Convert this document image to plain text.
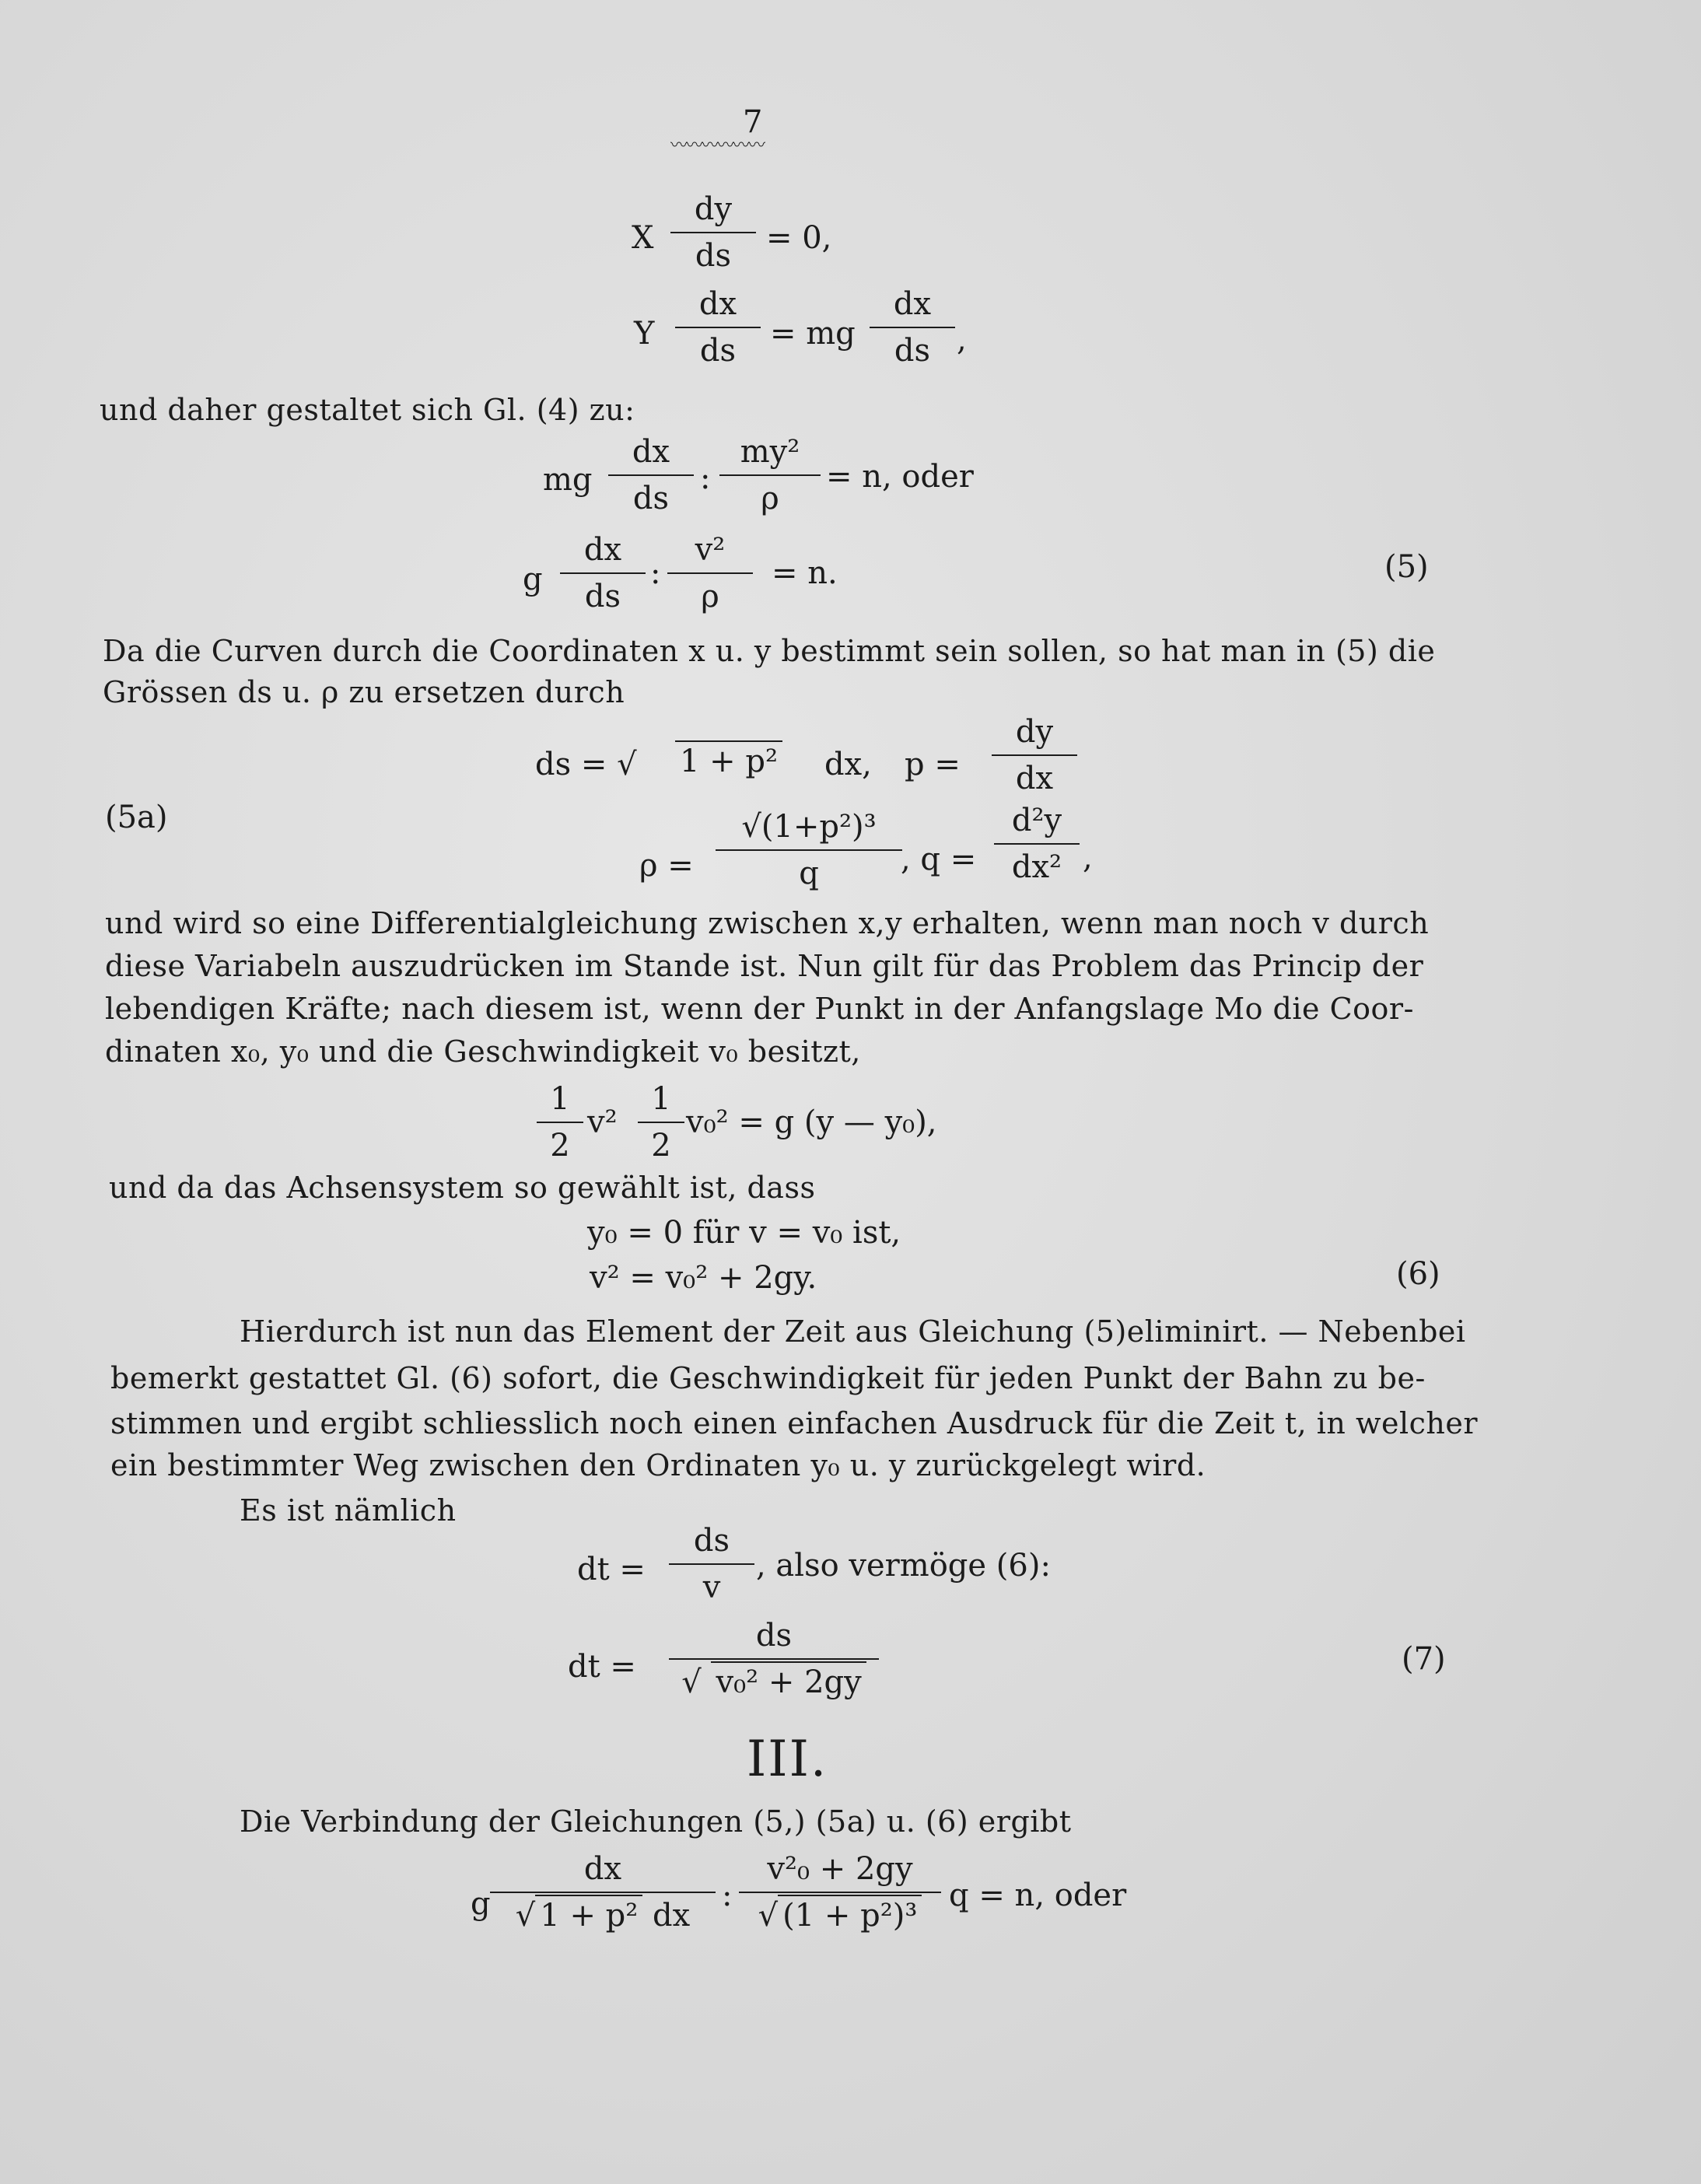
7
〰〰〰〰〰〰
X $\frac{dy}{ds} = 0$,
Y $\frac{dx}{ds}$ = mg $\frac{dx}{ds}$ ,
und daher gestaltet sich Gl. (4) zu:
mg $\frac{dx}{ds}$ : $\frac{\text{my²}}{\rho} = n$, oder
g $\frac{dx}{ds}$ : $\frac{\text{v²}}{\rho} = n$.	(5)
Da die Curven durch die Coordinaten x u. y bestimmt sein sollen, so hat man in (5) die
Grössen ds u. ρ zu ersetzen durch
ds = √ 1 + p² dx, $p = \frac{dy}{dx}$
(5a)
$\rho = \frac{\text{√(1+p²)³}}{q}$
, $q = \frac{\text{d²y}}{\text{dx²}}$ ,
und wird so eine Differentialgleichung zwischen x,y erhalten, wenn man noch v durch
diese Variabeln auszudrücken im Stande ist. Nun gilt für das Problem das Princip der
lebendigen Kräfte; nach diesem ist, wenn der Punkt in der Anfangslage Mo die Coor-
dinaten x₀, y₀ und die Geschwindigkeit v₀ besitzt,
$\frac{1}{2} v^2 \frac{1}{2} v_0^2 = g$ (y — y₀),
und da das Achsensystem so gewählt ist, dass
y₀ = 0 für v = v₀ ist,
v² = v₀² + 2gy.	(6)
Hierdurch ist nun das Element der Zeit aus Gleichung (5)eliminirt. — Nebenbei
bemerkt gestattet Gl. (6) sofort, die Geschwindigkeit für jeden Punkt der Bahn zu be-
stimmen und ergibt schliesslich noch einen einfachen Ausdruck für die Zeit t, in welcher
ein bestimmter Weg zwischen den Ordinaten y₀ u. y zurückgelegt wird.
Es ist nämlich
dt = $\frac{ds}{v}$ , also vermöge (6):
dt = $\frac{ds}{\text{√ v₀² + 2gy}}$	(7)
III.
Die Verbindung der Gleichungen (5,) (5a) u. (6) ergibt
g $\frac{dx}{\text{√ 1 + p² dx}}$ : $\frac{\text{v²₀ + 2gy}}{\text{√ (1 + p²)³}}$ q = n, oder
